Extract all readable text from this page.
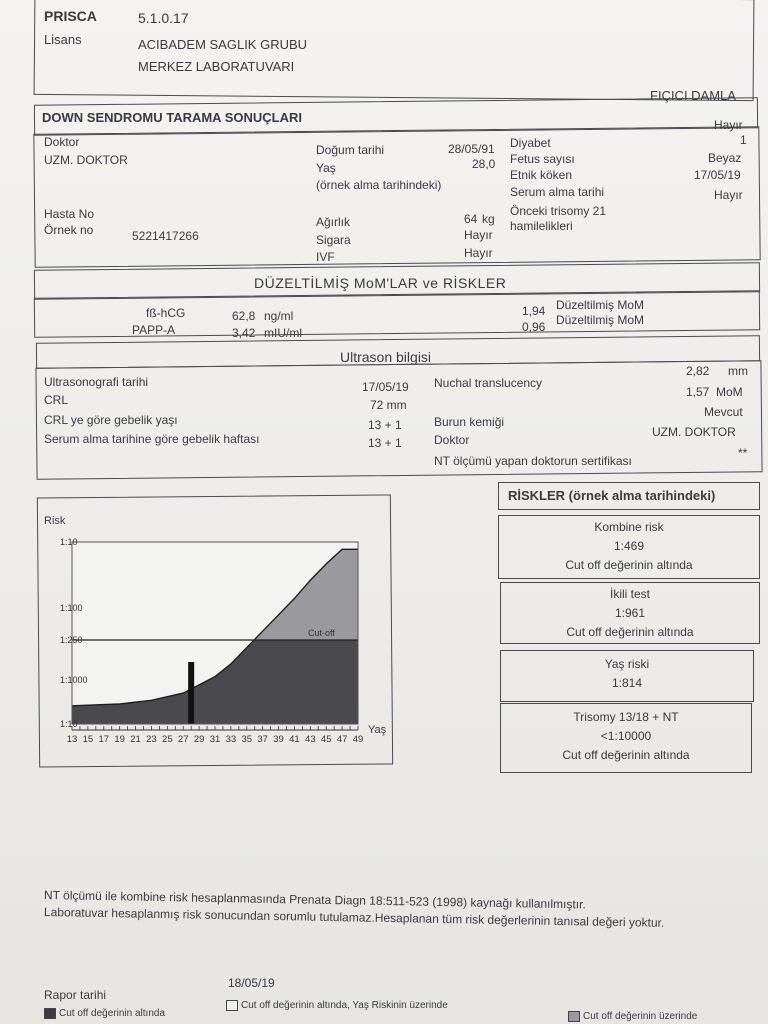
PRISCA	5.1.0.17
Lisans	ACIBADEM SAGLIK GRUBU
MERKEZ LABORATUVARI
FIÇICI DAMLA
DOWN SENDROMU TARAMA SONUÇLARI
Doktor
UZM. DOKTOR
Hasta No
Örnek no	5221417266
Doğum tarihi	28/05/91
Yaş	28,0
(örnek alma tarihindeki)
Ağırlık	64 kg
Sigara	Hayır
IVF	Hayır
Diyabet
Hayır
Fetus sayısı
1
Etnik köken
Beyaz
Serum alma tarihi
17/05/19
Önceki trisomy 21
hamilelikleri
Hayır
DÜZELTİLMİŞ MoM'LAR ve RİSKLER
fß-hCG	62,8 ng/ml	1,94 Düzeltilmiş MoM
PAPP-A	3,42 mIU/ml	0,96 Düzeltilmiş MoM
Ultrason bilgisi
Ultrasonografi tarihi	17/05/19
CRL	72 mm
CRL ye göre gebelik yaşı	13 + 1
Serum alma tarihine göre gebelik haftası	13 + 1
Nuchal translucency
2,82 mm
1,57 MoM
Burun kemiği
Mevcut
Doktor
UZM. DOKTOR
NT ölçümü yapan doktorun sertifikası
**
Risk
Cut-off
1:10
1:100
1:250
1:1000
1:10
13 15 17 19 21 23 25 27 29 31 33 35 37 39 41 43 45 47 49
Yaş
RİSKLER (örnek alma tarihindeki)
Kombine risk
1:469
Cut off değerinin altında
İkili test
1:961
Cut off değerinin altında
Yaş riski
1:814
Trisomy 13/18 + NT
<1:10000
Cut off değerinin altında
NT ölçümü ile kombine risk hesaplanmasında Prenata Diagn 18:511-523 (1998) kaynağı kullanılmıştır.
Laboratuvar hesaplanmış risk sonucundan sorumlu tutulamaz.Hesaplanan tüm risk değerlerinin tanısal değeri yoktur.
Rapor tarihi
18/05/19
Cut off değerinin altında
Cut off değerinin altında, Yaş Riskinin üzerinde
Cut off değerinin üzerinde
